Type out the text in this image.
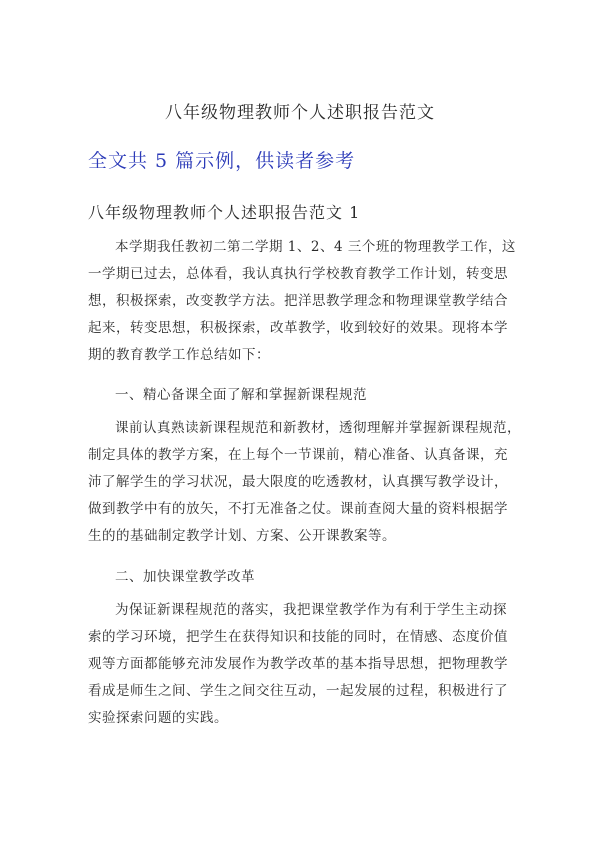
八年级物理教师个人述职报告范文
全文共 5 篇示例，供读者参考
八年级物理教师个人述职报告范文 1
本学期我任教初二第二学期 1、2、4 三个班的物理教学工作，这
一学期已过去，总体看，我认真执行学校教育教学工作计划，转变思
想，积极探索，改变教学方法。把洋思教学理念和物理课堂教学结合
起来，转变思想，积极探索，改革教学，收到较好的效果。现将本学
期的教育教学工作总结如下：
一、精心备课全面了解和掌握新课程规范
课前认真熟读新课程规范和新教材，透彻理解并掌握新课程规范，
制定具体的教学方案，在上每个一节课前，精心准备、认真备课，充
沛了解学生的学习状况，最大限度的吃透教材，认真撰写教学设计，
做到教学中有的放矢，不打无准备之仗。课前查阅大量的资料根据学
生的的基础制定教学计划、方案、公开课教案等。
二、加快课堂教学改革
为保证新课程规范的落实，我把课堂教学作为有利于学生主动探
索的学习环境，把学生在获得知识和技能的同时，在情感、态度价值
观等方面都能够充沛发展作为教学改革的基本指导思想，把物理教学
看成是师生之间、学生之间交往互动，一起发展的过程，积极进行了
实验探索问题的实践。
